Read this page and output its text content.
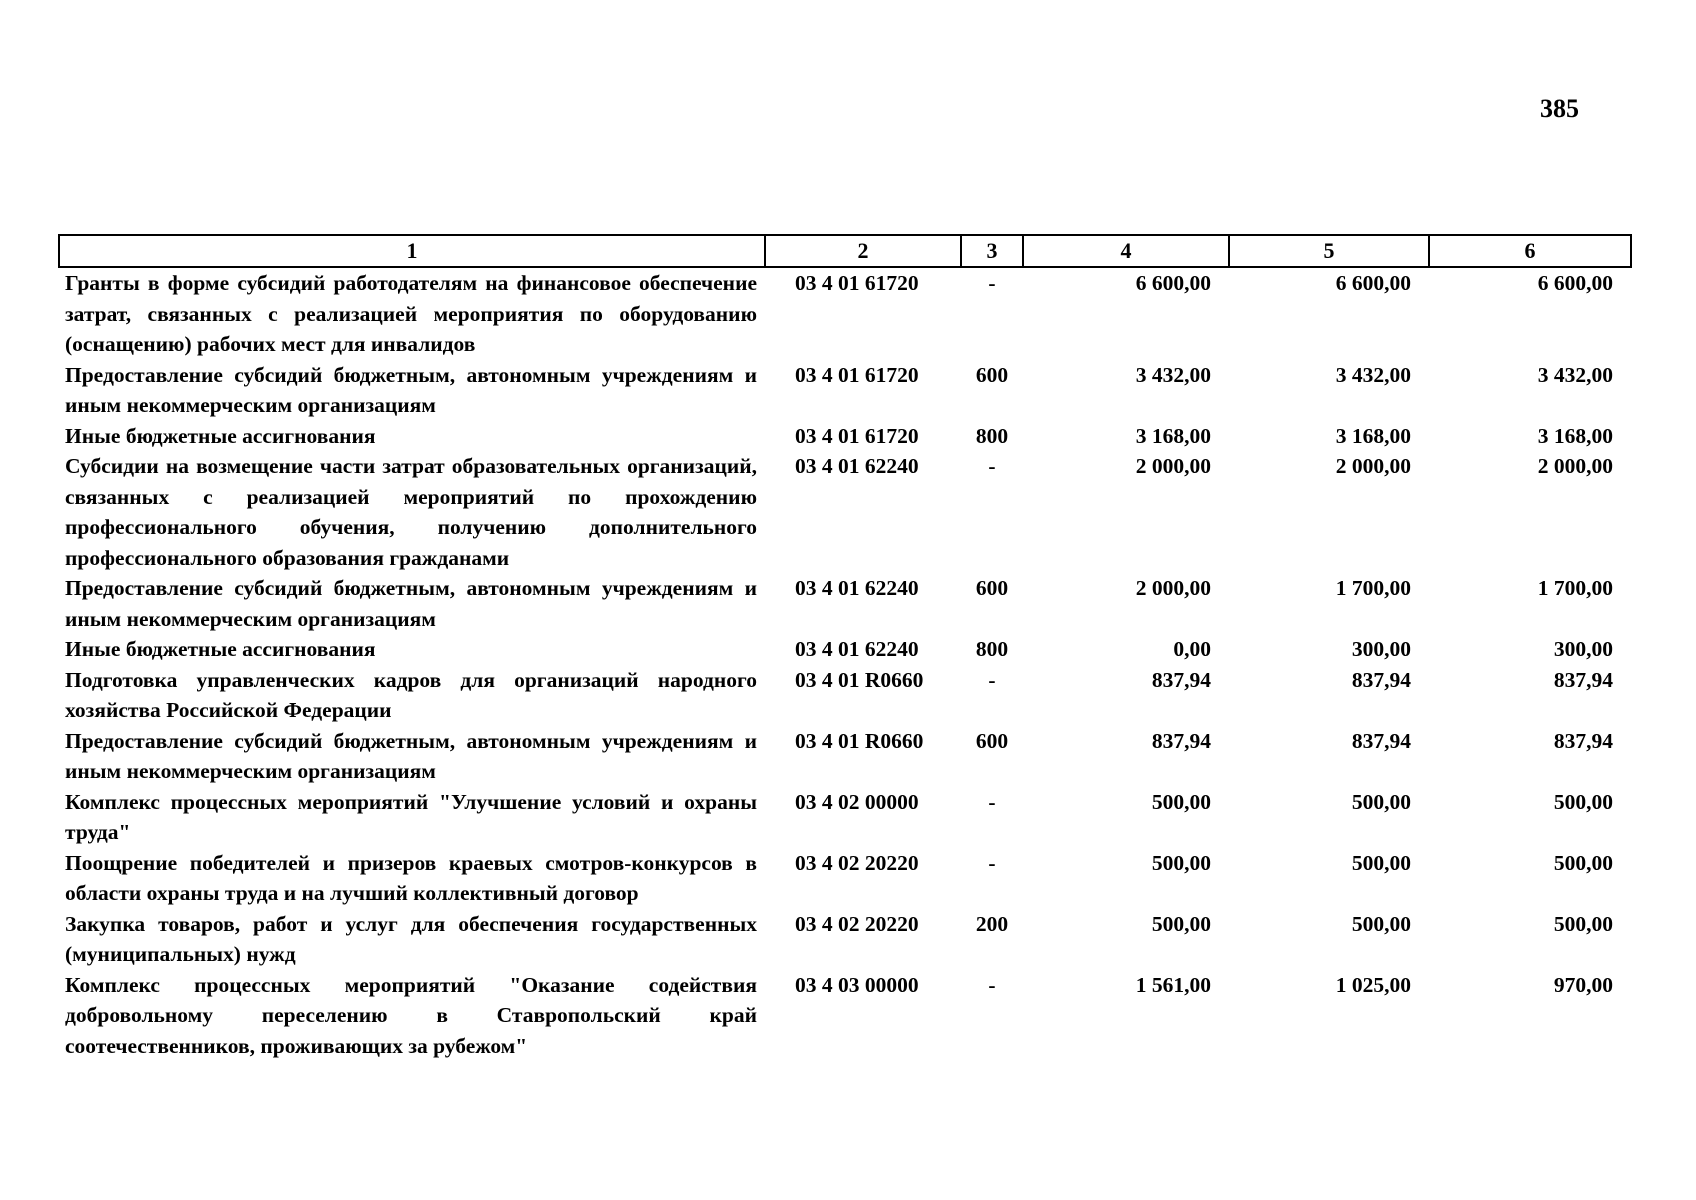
385
1	2	3	4	5	6
Гранты в форме субсидий работодателям на финансовое обеспечение затрат, связанных с реализацией мероприятия по оборудованию (оснащению) рабочих мест для инвалидов	03 4 01 61720	-	6 600,00	6 600,00	6 600,00
Предоставление субсидий бюджетным, автономным учреждениям и иным некоммерческим организациям	03 4 01 61720	600	3 432,00	3 432,00	3 432,00
Иные бюджетные ассигнования	03 4 01 61720	800	3 168,00	3 168,00	3 168,00
Субсидии на возмещение части затрат образовательных организаций, связанных с реализацией мероприятий по прохождению профессионального обучения, получению дополнительного профессионального образования гражданами	03 4 01 62240	-	2 000,00	2 000,00	2 000,00
Предоставление субсидий бюджетным, автономным учреждениям и иным некоммерческим организациям	03 4 01 62240	600	2 000,00	1 700,00	1 700,00
Иные бюджетные ассигнования	03 4 01 62240	800	0,00	300,00	300,00
Подготовка управленческих кадров для организаций народного хозяйства Российской Федерации	03 4 01 R0660	-	837,94	837,94	837,94
Предоставление субсидий бюджетным, автономным учреждениям и иным некоммерческим организациям	03 4 01 R0660	600	837,94	837,94	837,94
Комплекс процессных мероприятий "Улучшение условий и охраны труда"	03 4 02 00000	-	500,00	500,00	500,00
Поощрение победителей и призеров краевых смотров-конкурсов в области охраны труда и на лучший коллективный договор	03 4 02 20220	-	500,00	500,00	500,00
Закупка товаров, работ и услуг для обеспечения государственных (муниципальных) нужд	03 4 02 20220	200	500,00	500,00	500,00
Комплекс процессных мероприятий "Оказание содействия добровольному переселению в Ставропольский край соотечественников, проживающих за рубежом"	03 4 03 00000	-	1 561,00	1 025,00	970,00
